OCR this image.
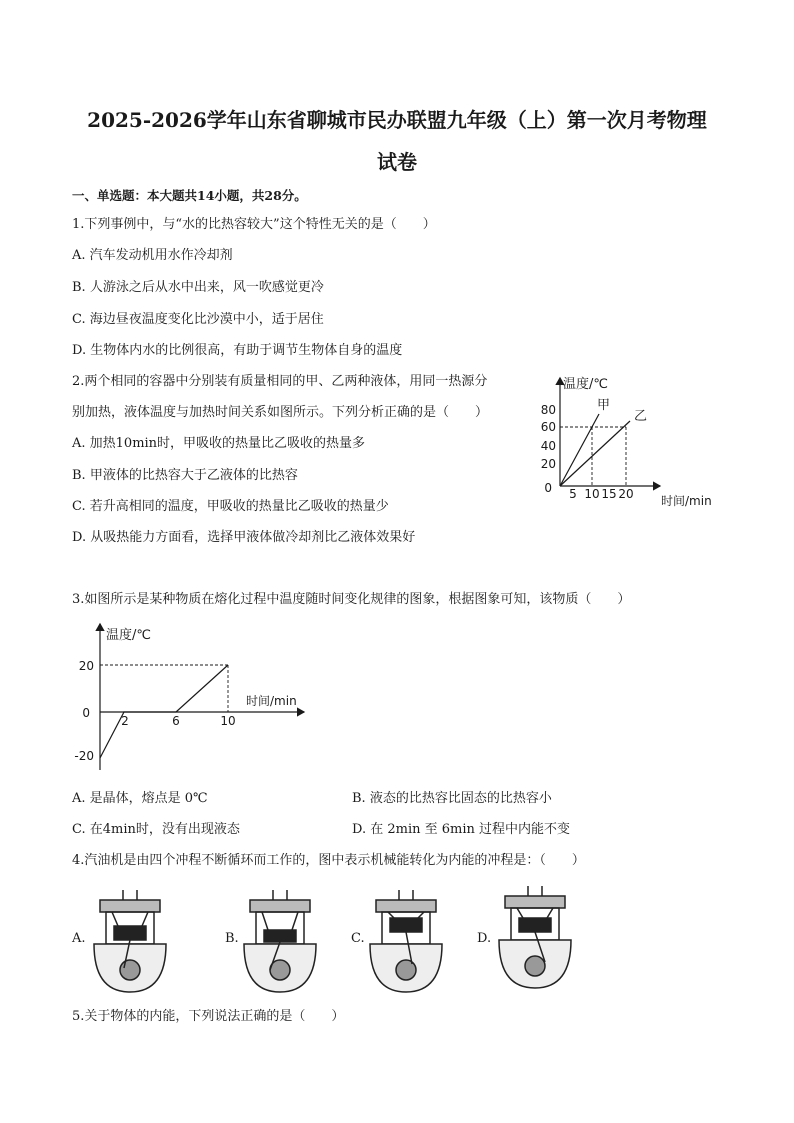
2025-2026学年山东省聊城市民办联盟九年级（上）第一次月考物理
试卷
一、单选题：本大题共14小题，共28分。
1.下列事例中，与“水的比热容较大”这个特性无关的是（　　）
A. 汽车发动机用水作冷却剂
B. 人游泳之后从水中出来，风一吹感觉更冷
C. 海边昼夜温度变化比沙漠中小，适于居住
D. 生物体内水的比例很高，有助于调节生物体自身的温度
2.两个相同的容器中分别装有质量相同的甲、乙两种液体，用同一热源分
别加热，液体温度与加热时间关系如图所示。下列分析正确的是（　　）
A. 加热10min时，甲吸收的热量比乙吸收的热量多
B. 甲液体的比热容大于乙液体的比热容
C. 若升高相同的温度，甲吸收的热量比乙吸收的热量少
D. 从吸热能力方面看，选择甲液体做冷却剂比乙液体效果好
温度/℃
80
60
40
20
0 5 10 15 20 时间/min
甲
乙
3.如图所示是某种物质在熔化过程中温度随时间变化规律的图象，根据图象可知，该物质（　　）
温度/℃
20
0
-20
2	6	10
时间/min
A. 是晶体，熔点是 0℃	B. 液态的比热容比固态的比热容小
C. 在4min时，没有出现液态	D. 在 2min 至 6min 过程中内能不变
4.汽油机是由四个冲程不断循环而工作的，图中表示机械能转化为内能的冲程是：（　　）
A.	B.	C.	D.
5.关于物体的内能，下列说法正确的是（　　）
